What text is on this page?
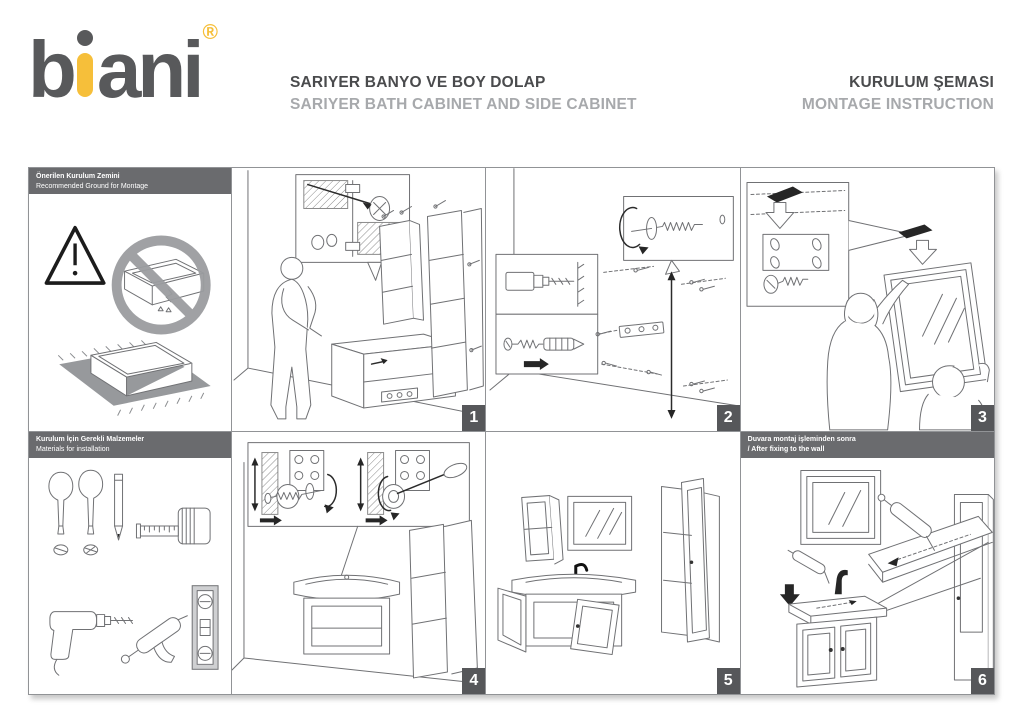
b ani®
SARIYER BANYO VE BOY DOLAP
SARIYER BATH CABINET AND SIDE CABINET
KURULUM ŞEMASI
MONTAGE INSTRUCTION
Önerilen Kurulum Zemini
Recommended Ground for Montage
1	2	3
Kurulum İçin Gerekli Malzemeler
Materials for installation
4	5
Duvara montaj işleminden sonra
/ After fixing to the wall
6
